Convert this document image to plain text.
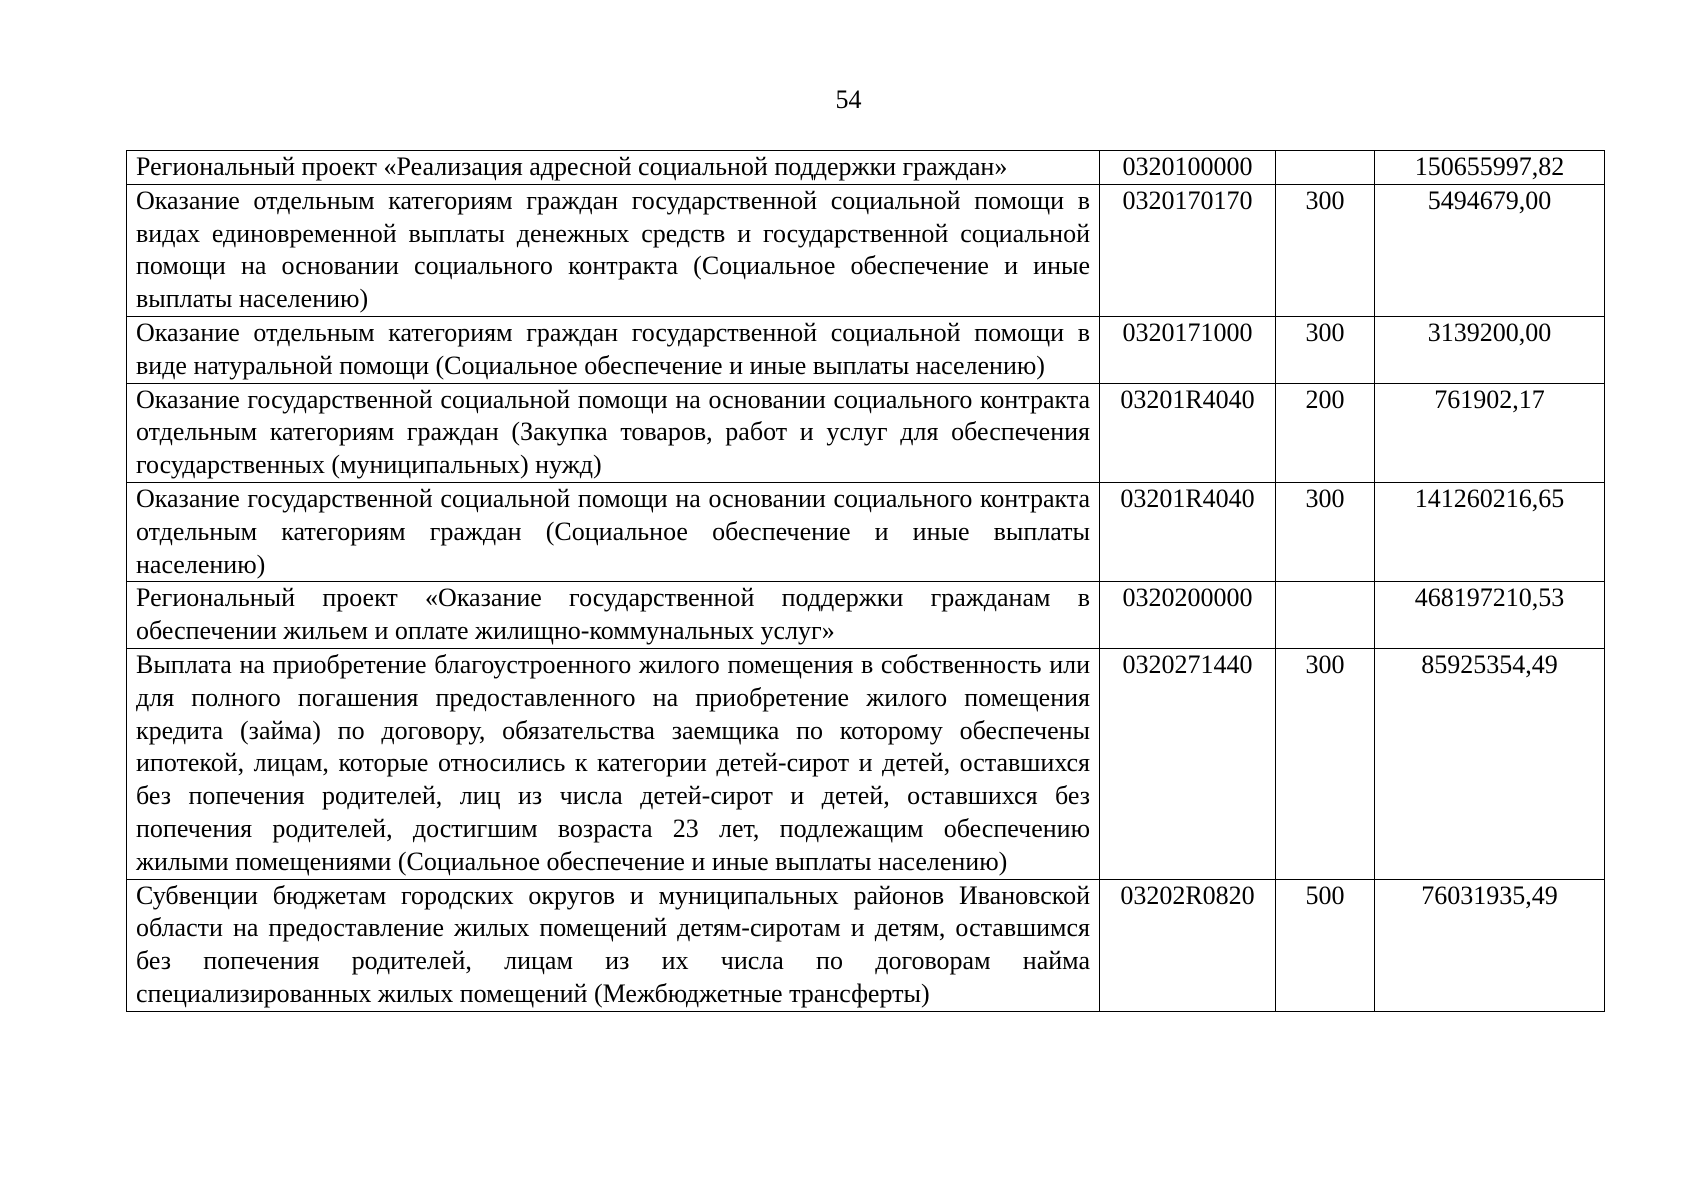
54
Региональный проект «Реализация адресной социальной поддержки граждан»	0320100000		150655997,82
Оказание отдельным категориям граждан государственной социальной помощи в видах единовременной выплаты денежных средств и государственной социальной помощи на основании социального контракта (Социальное обеспечение и иные выплаты населению)	0320170170	300	5494679,00
Оказание отдельным категориям граждан государственной социальной помощи в виде натуральной помощи (Социальное обеспечение и иные выплаты населению)	0320171000	300	3139200,00
Оказание государственной социальной помощи на основании социального контракта отдельным категориям граждан (Закупка товаров, работ и услуг для обеспечения государственных (муниципальных) нужд)	03201R4040	200	761902,17
Оказание государственной социальной помощи на основании социального контракта отдельным категориям граждан (Социальное обеспечение и иные выплаты населению)	03201R4040	300	141260216,65
Региональный проект «Оказание государственной поддержки гражданам в обеспечении жильем и оплате жилищно-коммунальных услуг»	0320200000		468197210,53
Выплата на приобретение благоустроенного жилого помещения в собственность или для полного погашения предоставленного на приобретение жилого помещения кредита (займа) по договору, обязательства заемщика по которому обеспечены ипотекой, лицам, которые относились к категории детей-сирот и детей, оставшихся без попечения родителей, лиц из числа детей-сирот и детей, оставшихся без попечения родителей, достигшим возраста 23 лет, подлежащим обеспечению жилыми помещениями (Социальное обеспечение и иные выплаты населению)	0320271440	300	85925354,49
Субвенции бюджетам городских округов и муниципальных районов Ивановской области на предоставление жилых помещений детям-сиротам и детям, оставшимся без попечения родителей, лицам из их числа по договорам найма специализированных жилых помещений (Межбюджетные трансферты)	03202R0820	500	76031935,49
